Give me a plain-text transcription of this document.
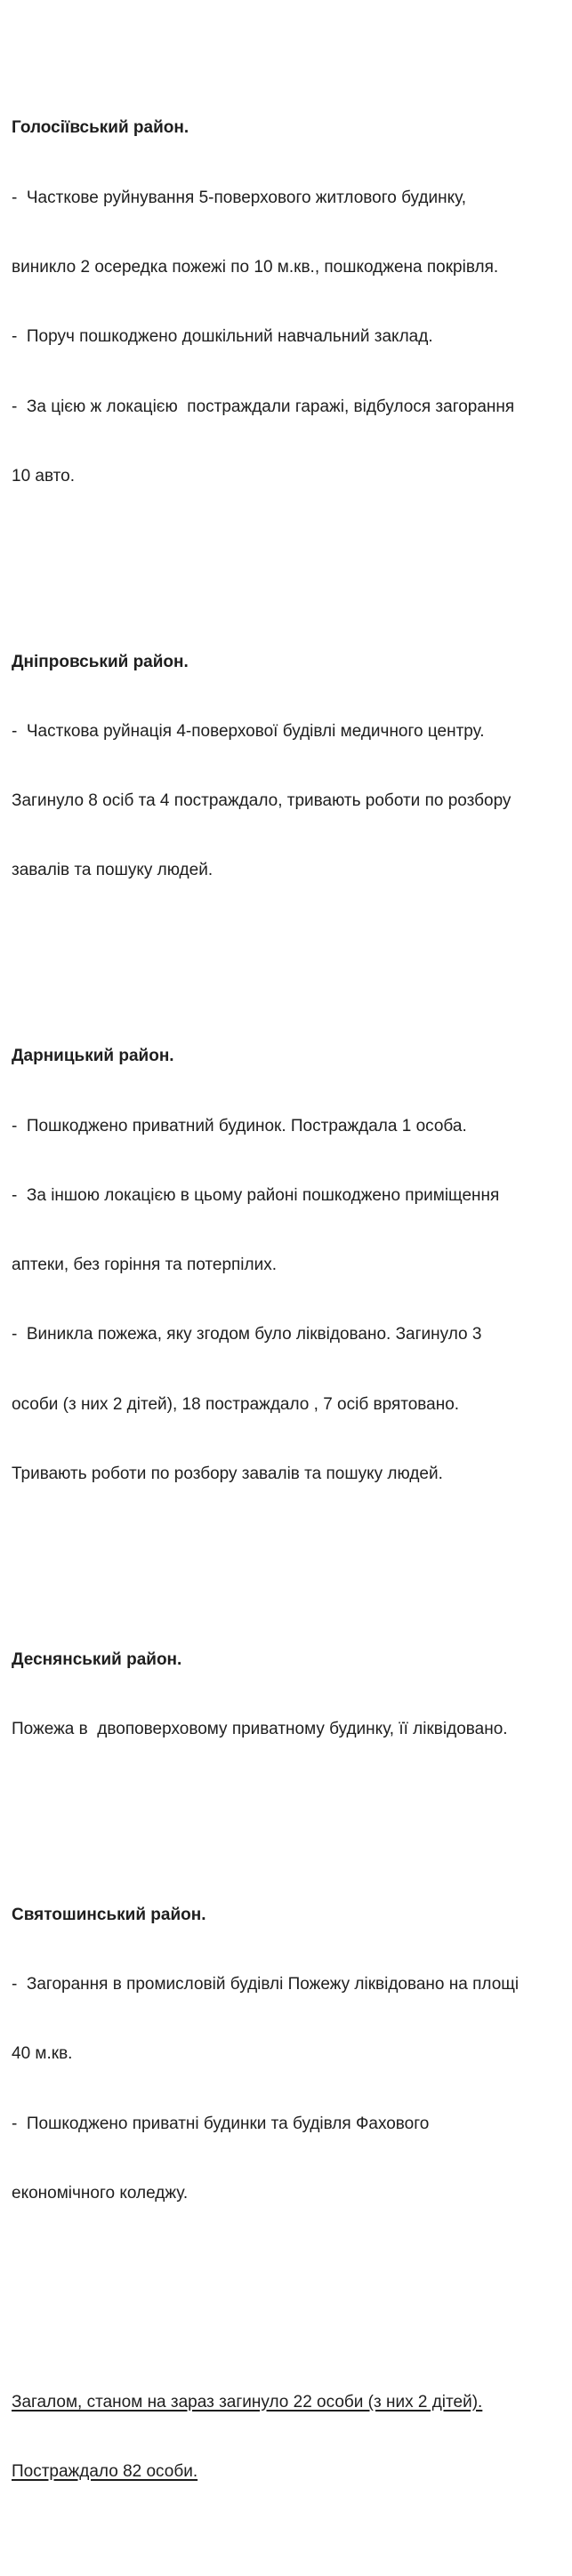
Голосіївський район.

-  Часткове руйнування 5-поверхового житлового будинку,

виникло 2 осередка пожежі по 10 м.кв., пошкоджена покрівля.

-  Поруч пошкоджено дошкільний навчальний заклад.

-  За цією ж локацією  постраждали гаражі, відбулося загорання

10 авто.

Дніпровський район.

-  Часткова руйнація 4-поверхової будівлі медичного центру.

Загинуло 8 осіб та 4 постраждало, тривають роботи по розбору

завалів та пошуку людей.

Дарницький район.

-  Пошкоджено приватний будинок. Постраждала 1 особа.

-  За іншою локацією в цьому районі пошкоджено приміщення

аптеки, без горіння та потерпілих.

-  Виникла пожежа, яку згодом було ліквідовано. Загинуло 3

особи (з них 2 дітей), 18 постраждало , 7 осіб врятовано.

Тривають роботи по розбору завалів та пошуку людей.

Деснянський район.

Пожежа в  двоповерховому приватному будинку, її ліквідовано.

Святошинський район.

-  Загорання в промисловій будівлі Пожежу ліквідовано на площі

40 м.кв.

-  Пошкоджено приватні будинки та будівля Фахового

економічного коледжу.

Загалом, станом на зараз загинуло 22 особи (з них 2 дітей).

Постраждало 82 особи.
